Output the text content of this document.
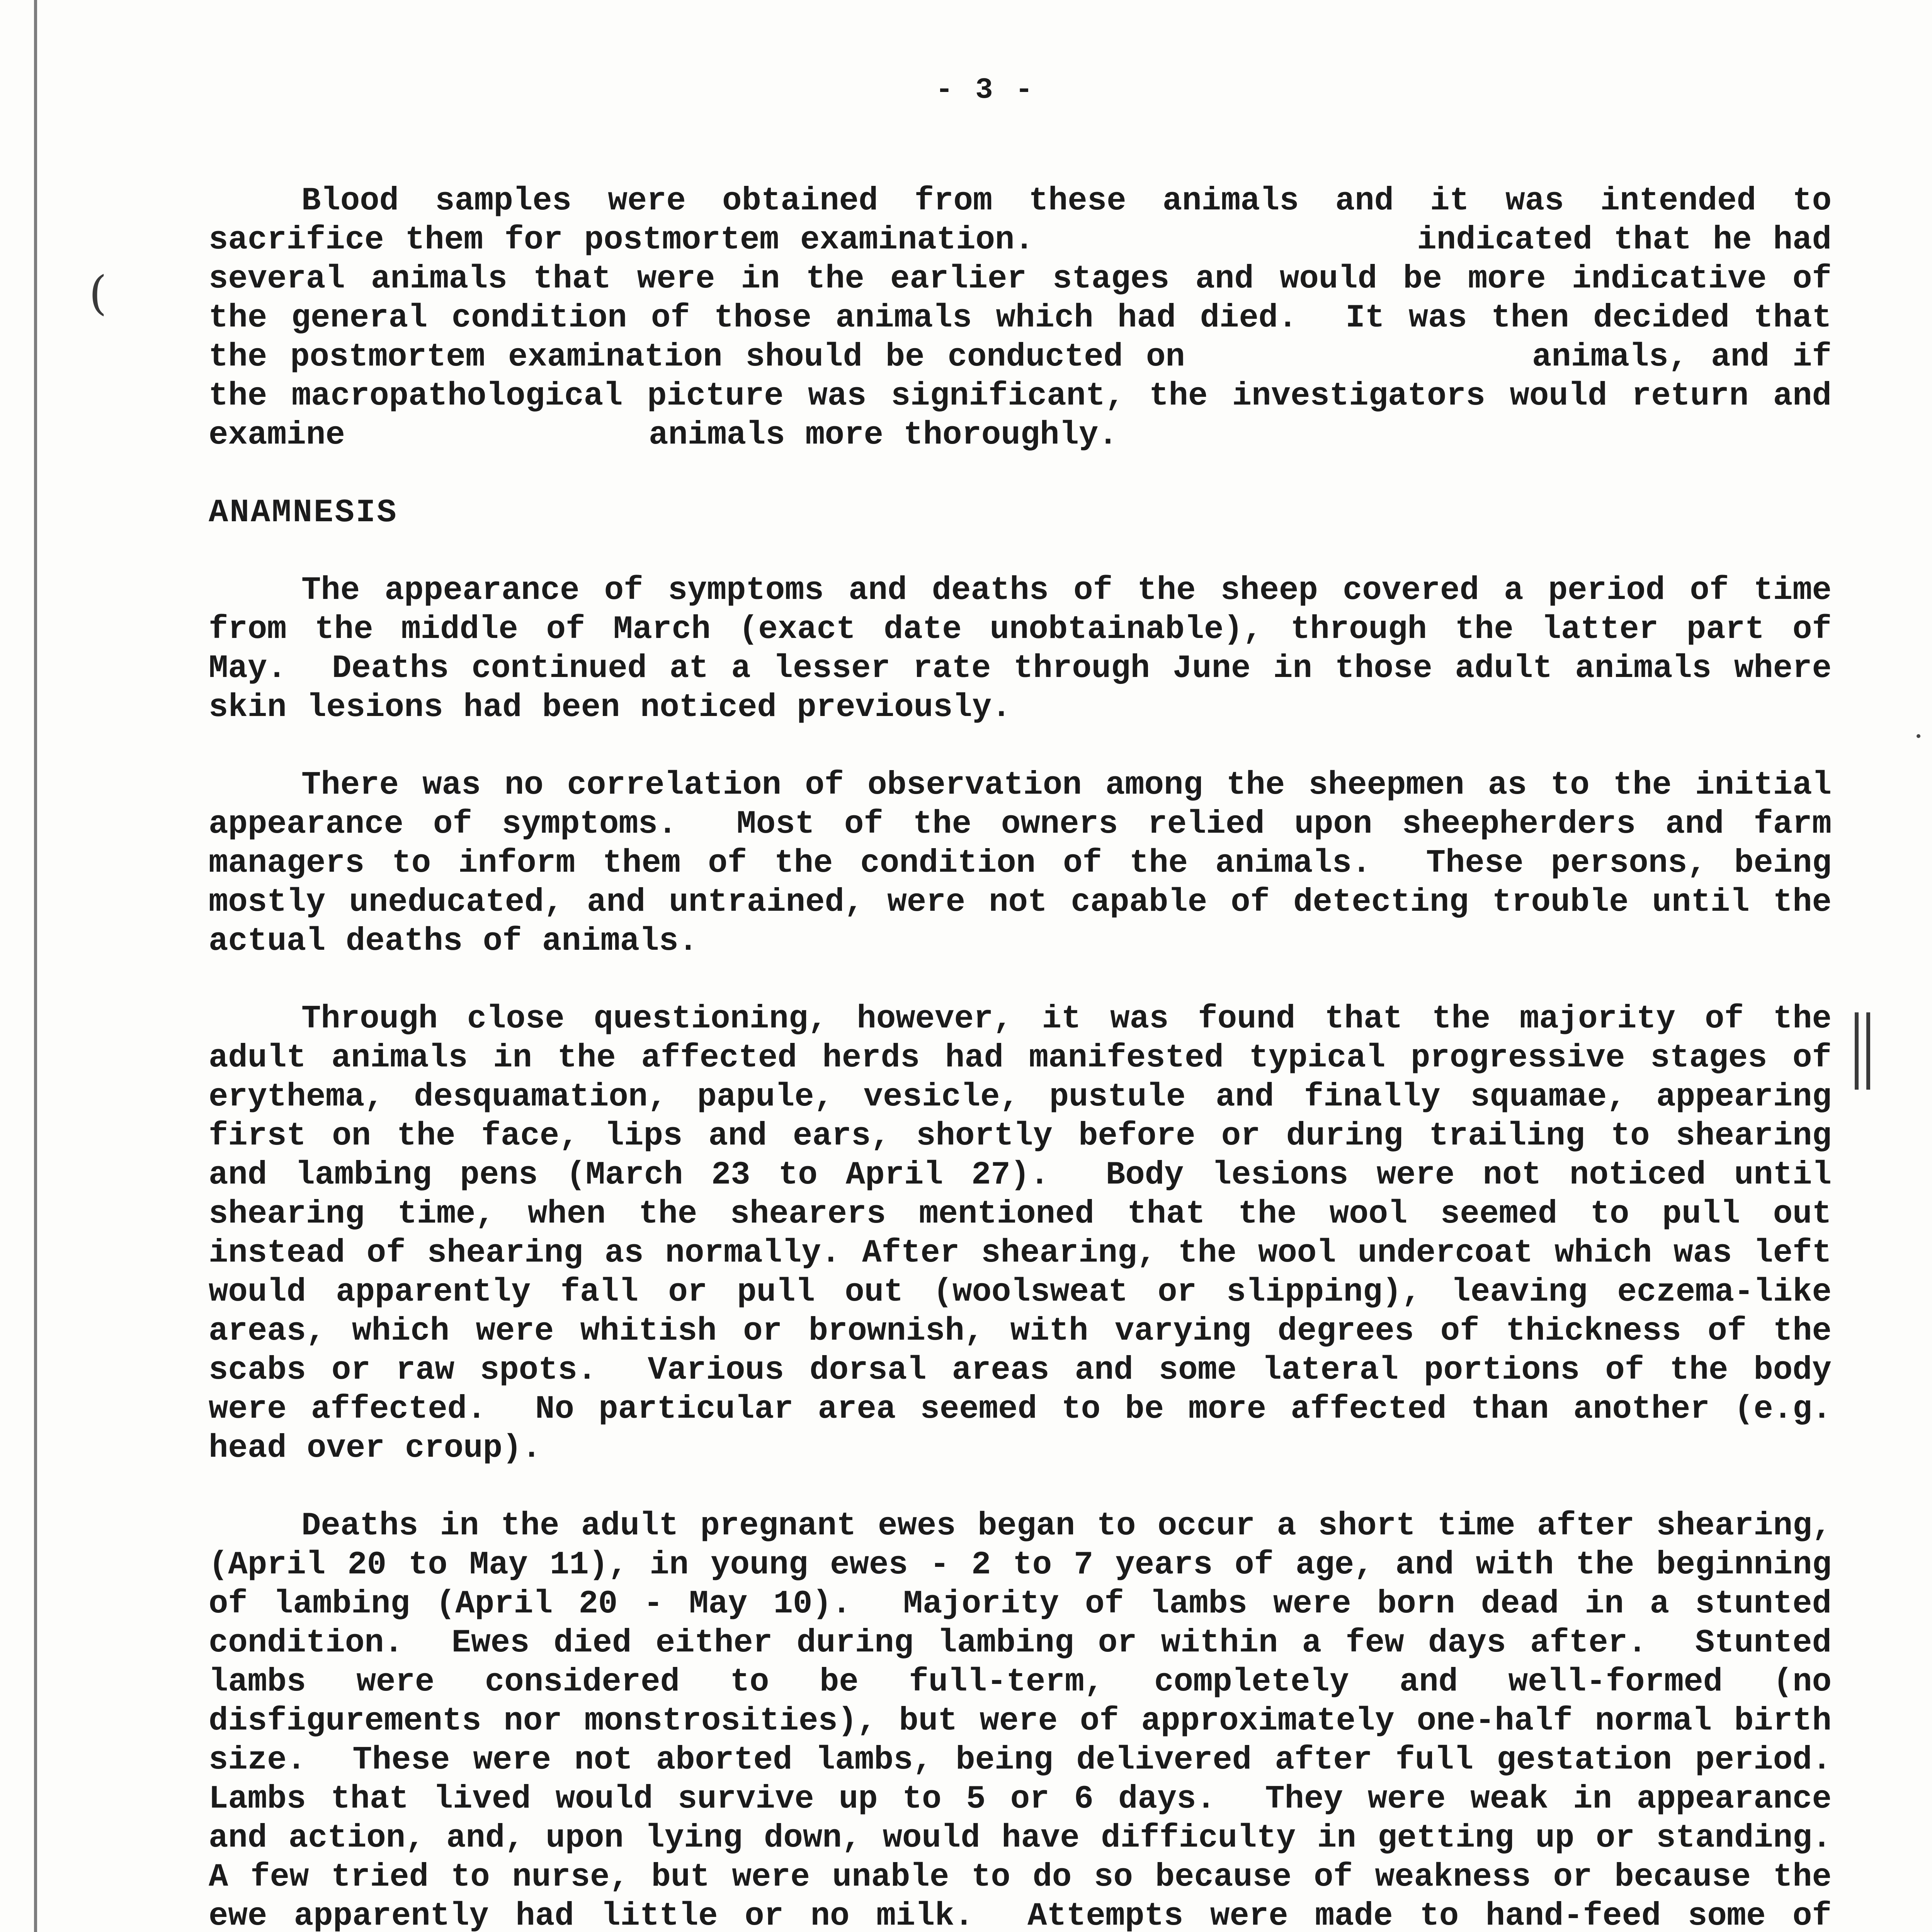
- 3 -

Blood samples were obtained from these animals and it was intended to sacrifice them for postmortem examination.                  indicated that he had several animals that were in the earlier stages and would be more indicative of the general condition of those animals which had died.  It was then decided that the postmortem examination should be conducted on               animals, and if the macropathological picture was significant, the investigators would return and examine               animals more thoroughly.

ANAMNESIS

The appearance of symptoms and deaths of the sheep covered a period of time from the middle of March (exact date unobtainable), through the latter part of May.  Deaths continued at a lesser rate through June in those adult animals where skin lesions had been noticed previously.

There was no correlation of observation among the sheepmen as to the initial appearance of symptoms.  Most of the owners relied upon sheepherders and farm managers to inform them of the condition of the animals.  These persons, being mostly uneducated, and untrained, were not capable of detecting trouble until the actual deaths of animals.

Through close questioning, however, it was found that the majority of the adult animals in the affected herds had manifested typical progressive stages of erythema, desquamation, papule, vesicle, pustule and finally squamae, appearing first on the face, lips and ears, shortly before or during trailing to shearing and lambing pens (March 23 to April 27).  Body lesions were not noticed until shearing time, when the shearers mentioned that the wool seemed to pull out instead of shearing as normally. After shearing, the wool undercoat which was left would apparently fall or pull out (woolsweat or slipping), leaving eczema-like areas, which were whitish or brownish, with varying degrees of thickness of the scabs or raw spots.  Various dorsal areas and some lateral portions of the body were affected.  No particular area seemed to be more affected than another (e.g. head over croup).

Deaths in the adult pregnant ewes began to occur a short time after shearing, (April 20 to May 11), in young ewes - 2 to 7 years of age, and with the beginning of lambing (April 20 - May 10).  Majority of lambs were born dead in a stunted condition.  Ewes died either during lambing or within a few days after.  Stunted lambs were considered to be full-term, completely and well-formed (no disfigurements nor monstrosities), but were of approximately one-half normal birth size.  These were not aborted lambs, being delivered after full gestation period.  Lambs that lived would survive up to 5 or 6 days.  They were weak in appearance and action, and, upon lying down, would have difficulty in getting up or standing.  A few tried to nurse, but were unable to do so because of weakness or because the ewe apparently had little or no milk.  Attempts were made to hand-feed some of

(
